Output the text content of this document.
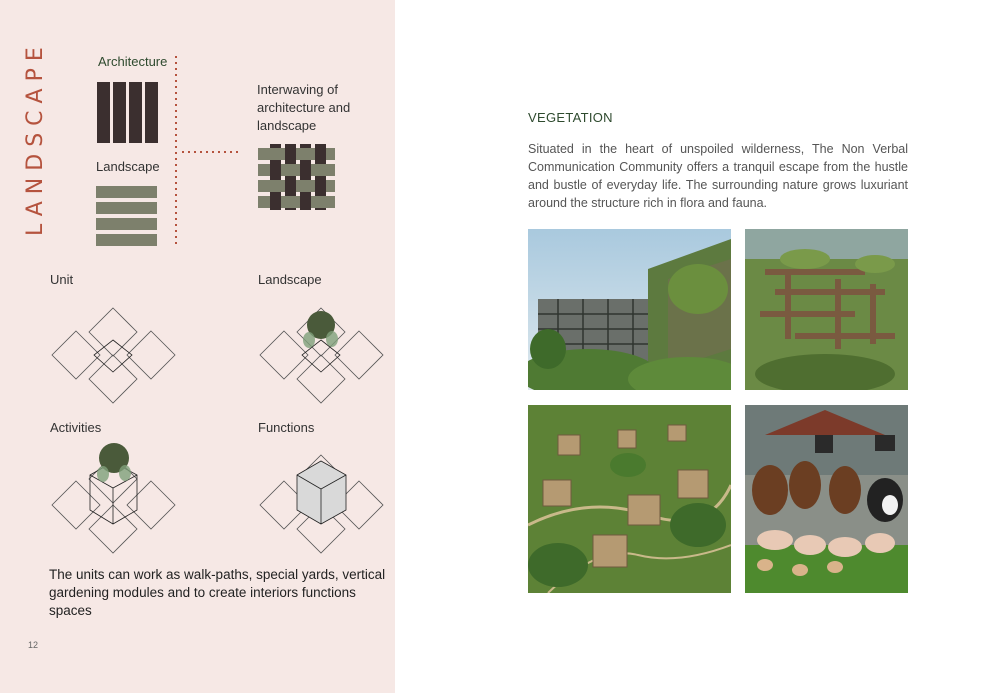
LANDSCAPE	Architecture
Landscape
Interwaving of architecture and landscape
Unit	Landscape
Activities	Functions
The units can work as walk-paths, special yards, vertical gardening modules and to create interiors functions spaces
12
VEGETATION
Situated in the heart of unspoiled wilderness, The Non Verbal Communication Community offers a tranquil escape from the hustle and bustle of everyday life. The surrounding nature grows luxuriant around the structure rich in flora and fauna.
